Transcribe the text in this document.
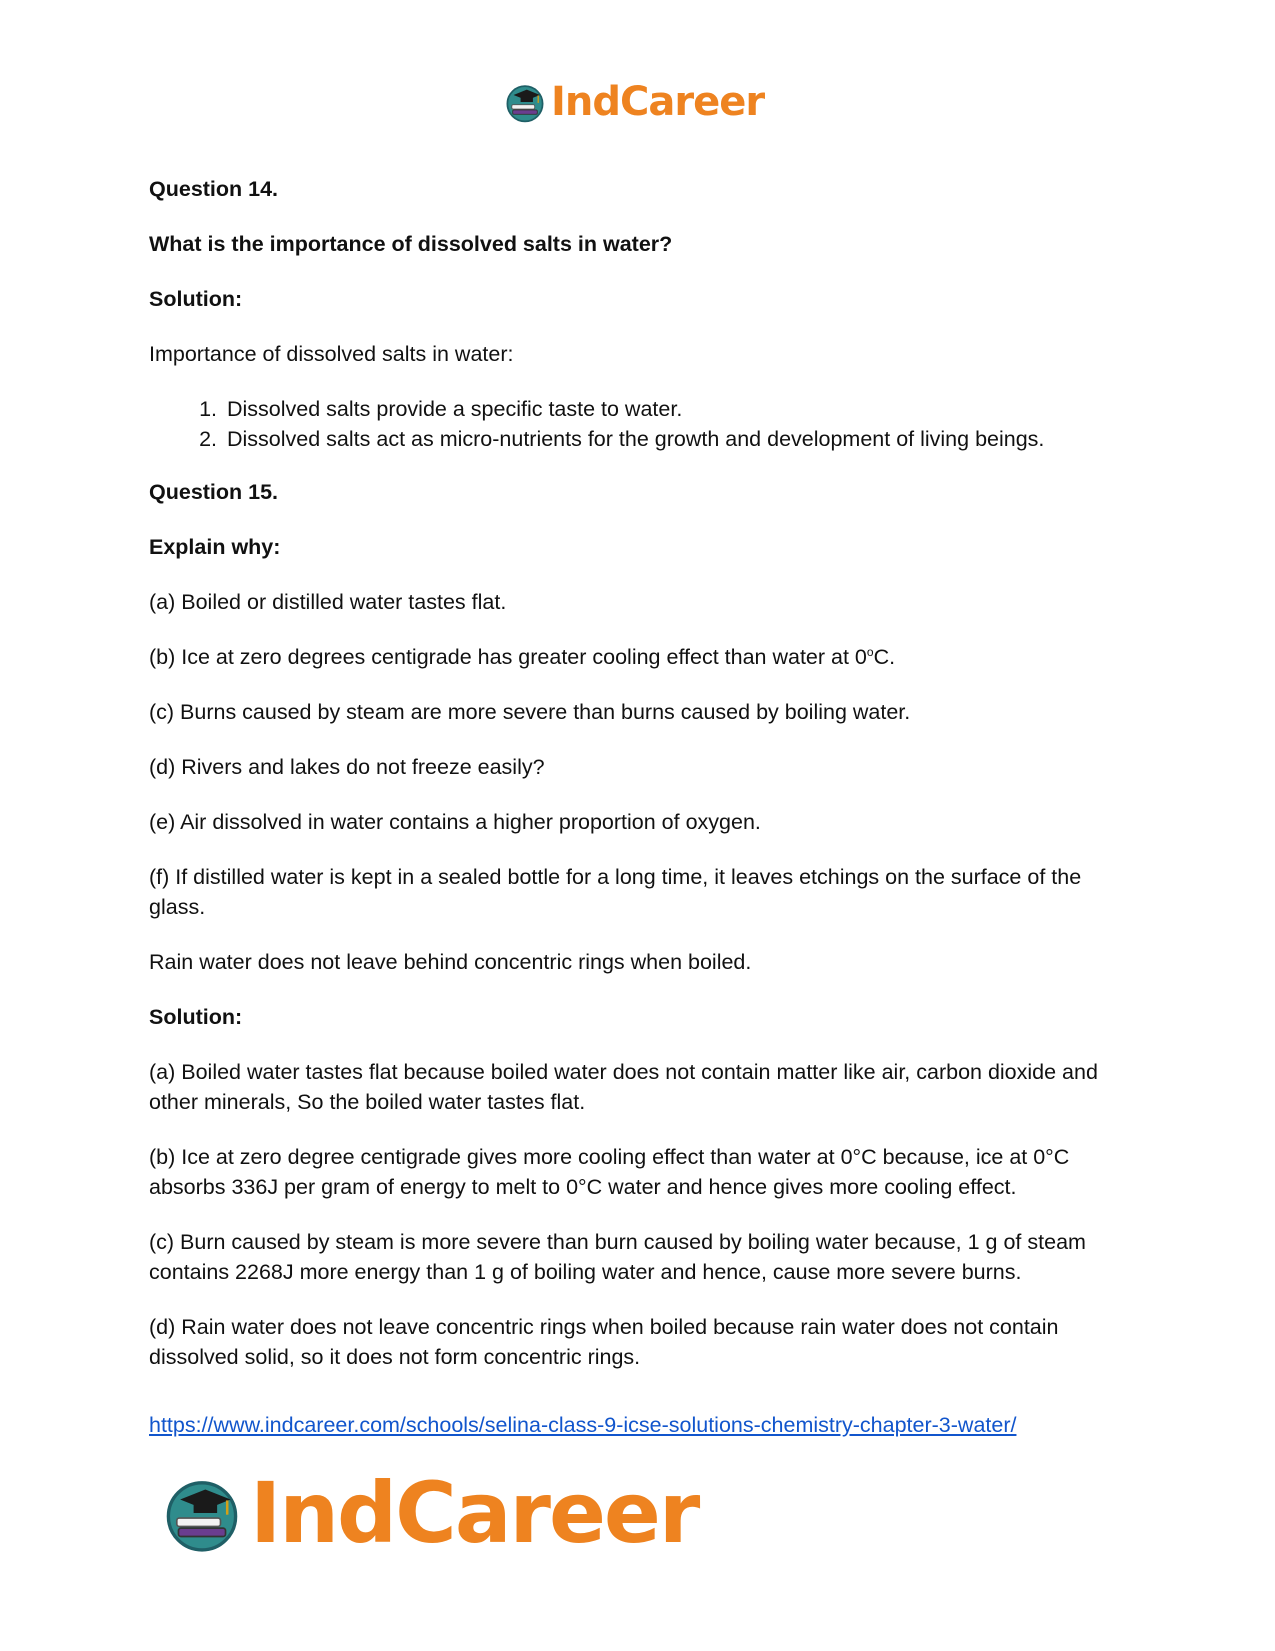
IndCareer

Question 14.

What is the importance of dissolved salts in water?

Solution:

Importance of dissolved salts in water:

1. Dissolved salts provide a specific taste to water.
2. Dissolved salts act as micro-nutrients for the growth and development of living beings.

Question 15.

Explain why:

(a) Boiled or distilled water tastes flat.

(b) Ice at zero degrees centigrade has greater cooling effect than water at 0$^o$C.

(c) Burns caused by steam are more severe than burns caused by boiling water.

(d) Rivers and lakes do not freeze easily?

(e) Air dissolved in water contains a higher proportion of oxygen.

(f) If distilled water is kept in a sealed bottle for a long time, it leaves etchings on the surface of the glass.

Rain water does not leave behind concentric rings when boiled.

Solution:

(a) Boiled water tastes flat because boiled water does not contain matter like air, carbon dioxide and other minerals, So the boiled water tastes flat.

(b) Ice at zero degree centigrade gives more cooling effect than water at 0°C because, ice at 0°C absorbs 336J per gram of energy to melt to 0°C water and hence gives more cooling effect.

(c) Burn caused by steam is more severe than burn caused by boiling water because, 1 g of steam contains 2268J more energy than 1 g of boiling water and hence, cause more severe burns.

(d) Rain water does not leave concentric rings when boiled because rain water does not contain dissolved solid, so it does not form concentric rings.

https://www.indcareer.com/schools/selina-class-9-icse-solutions-chemistry-chapter-3-water/
IndCareer
